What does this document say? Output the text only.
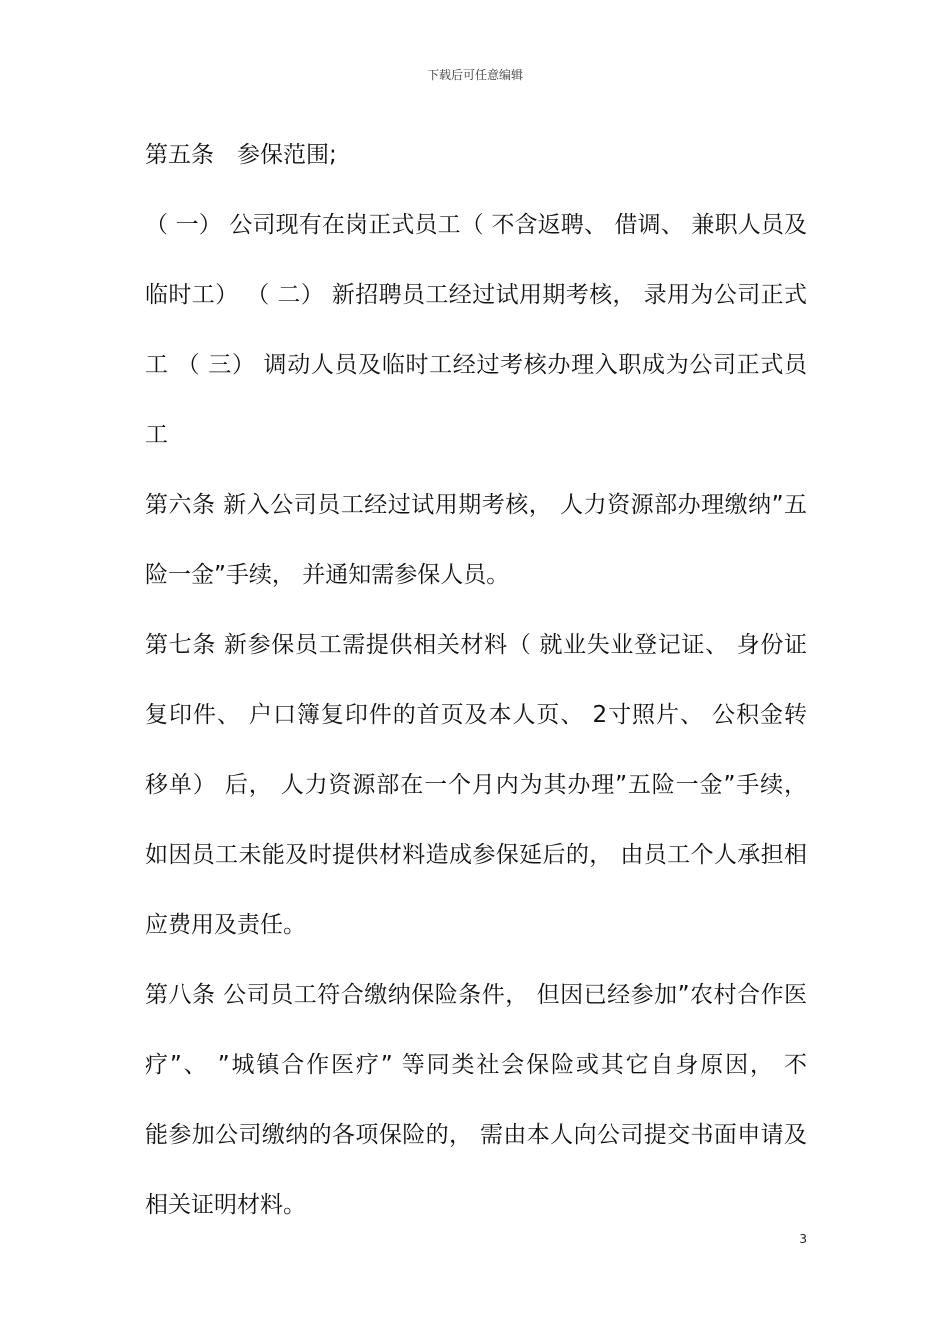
下载后可任意编辑
第五条　参保范围;
（ 一） 公司现有在岗正式员工（ 不含返聘、 借调、 兼职人员及
临时工） （ 二） 新招聘员工经过试用期考核， 录用为公司正式
工 （ 三） 调动人员及临时工经过考核办理入职成为公司正式员
工
第六条 新入公司员工经过试用期考核， 人力资源部办理缴纳”五
险一金”手续， 并通知需参保人员。
第七条 新参保员工需提供相关材料（ 就业失业登记证、 身份证
复印件、 户口簿复印件的首页及本人页、 2寸照片、 公积金转
移单） 后， 人力资源部在一个月内为其办理”五险一金”手续，
如因员工未能及时提供材料造成参保延后的， 由员工个人承担相
应费用及责任。
第八条 公司员工符合缴纳保险条件， 但因已经参加”农村合作医
疗”、 ”城镇合作医疗” 等同类社会保险或其它自身原因， 不
能参加公司缴纳的各项保险的， 需由本人向公司提交书面申请及
相关证明材料。
3
